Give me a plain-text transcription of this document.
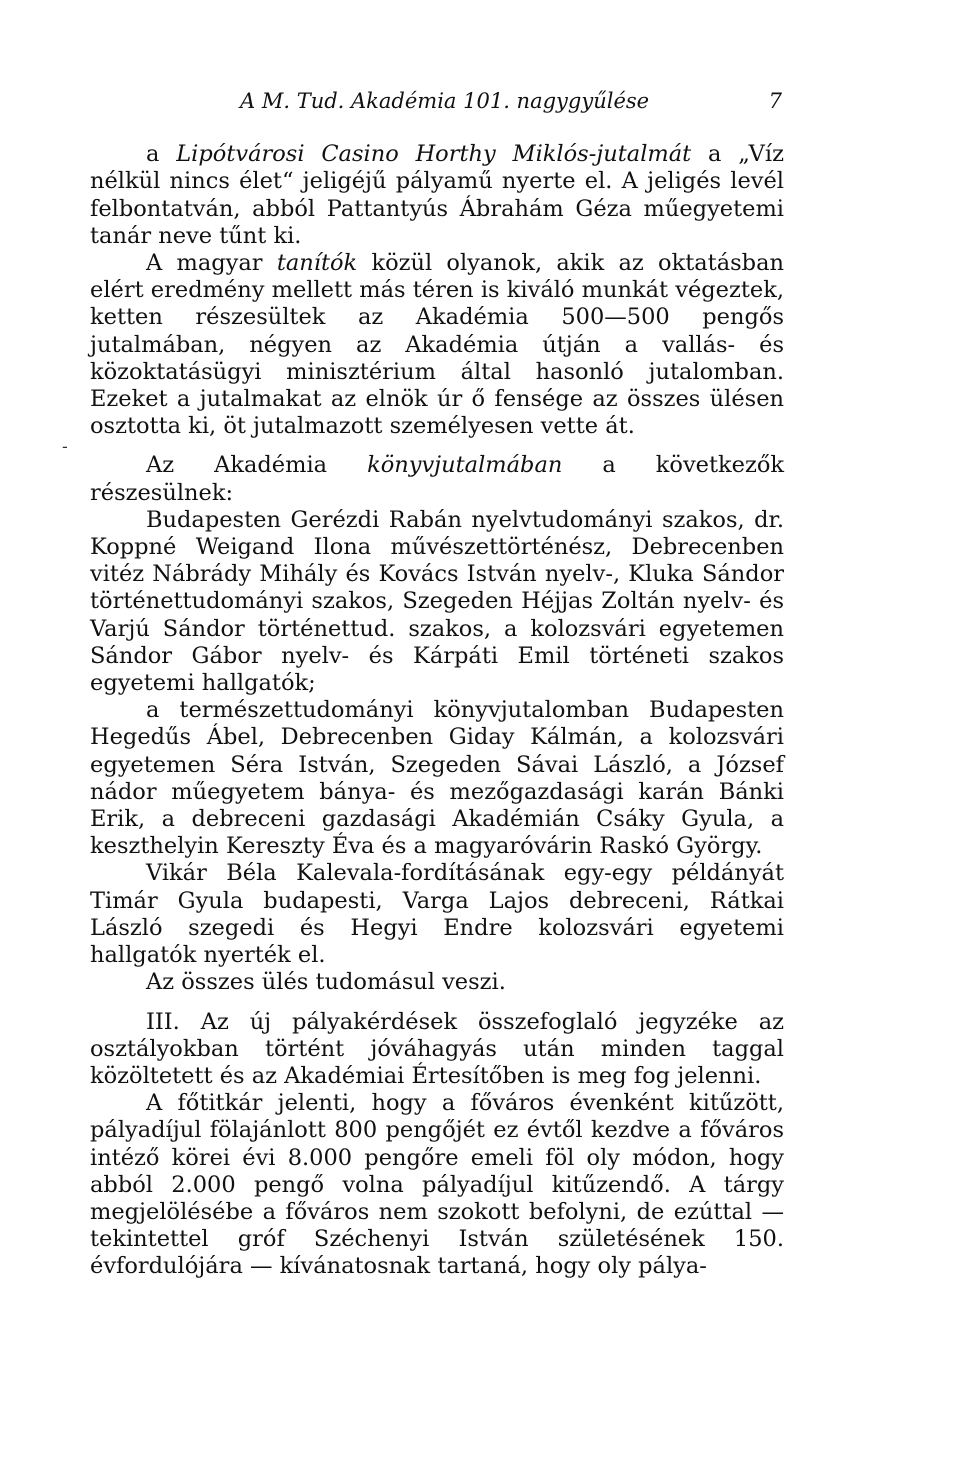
-
A M. Tud. Akadémia 101. nagygyűlése	7

a Lipótvárosi Casino Horthy Miklós-jutalmát a „Víz nélkül nincs élet“ jeligéjű pályamű nyerte el. A jeligés levél felbontatván, abból Pattantyús Ábrahám Géza műegyetemi tanár neve tűnt ki.

A magyar tanítók közül olyanok, akik az oktatásban elért eredmény mellett más téren is kiváló munkát végeztek, ketten részesültek az Akadémia 500—500 pengős jutalmában, négyen az Akadémia útján a vallás- és közoktatásügyi minisztérium által hasonló jutalomban. Ezeket a jutalmakat az elnök úr ő fensége az összes ülésen osztotta ki, öt jutalmazott személyesen vette át.

Az Akadémia könyvjutalmában a következők részesülnek:

Budapesten Gerézdi Rabán nyelvtudományi szakos, dr. Koppné Weigand Ilona művészettörténész, Debrecenben vitéz Nábrády Mihály és Kovács István nyelv-, Kluka Sándor történettudományi szakos, Szegeden Héjjas Zoltán nyelv- és Varjú Sándor történettud. szakos, a kolozsvári egyetemen Sándor Gábor nyelv- és Kárpáti Emil történeti szakos egyetemi hallgatók;

a természettudományi könyvjutalomban Budapesten Hegedűs Ábel, Debrecenben Giday Kálmán, a kolozsvári egyetemen Séra István, Szegeden Sávai László, a József nádor műegyetem bánya- és mezőgazdasági karán Bánki Erik, a debreceni gazdasági Akadémián Csáky Gyula, a keszthelyin Kereszty Éva és a magyaróvárin Raskó György.

Vikár Béla Kalevala-fordításának egy-egy példányát Timár Gyula budapesti, Varga Lajos debreceni, Rátkai László szegedi és Hegyi Endre kolozsvári egyetemi hallgatók nyerték el.

Az összes ülés tudomásul veszi.

III. Az új pályakérdések összefoglaló jegyzéke az osztályokban történt jóváhagyás után minden taggal közöltetett és az Akadémiai Értesítőben is meg fog jelenni.

A főtitkár jelenti, hogy a főváros évenként kitűzött, pályadíjul fölajánlott 800 pengőjét ez évtől kezdve a főváros intéző körei évi 8.000 pengőre emeli föl oly módon, hogy abból 2.000 pengő volna pályadíjul kitűzendő. A tárgy megjelölésébe a főváros nem szokott befolyni, de ezúttal — tekintettel gróf Széchenyi István születésének 150. évfordulójára — kívánatosnak tartaná, hogy oly pálya-
